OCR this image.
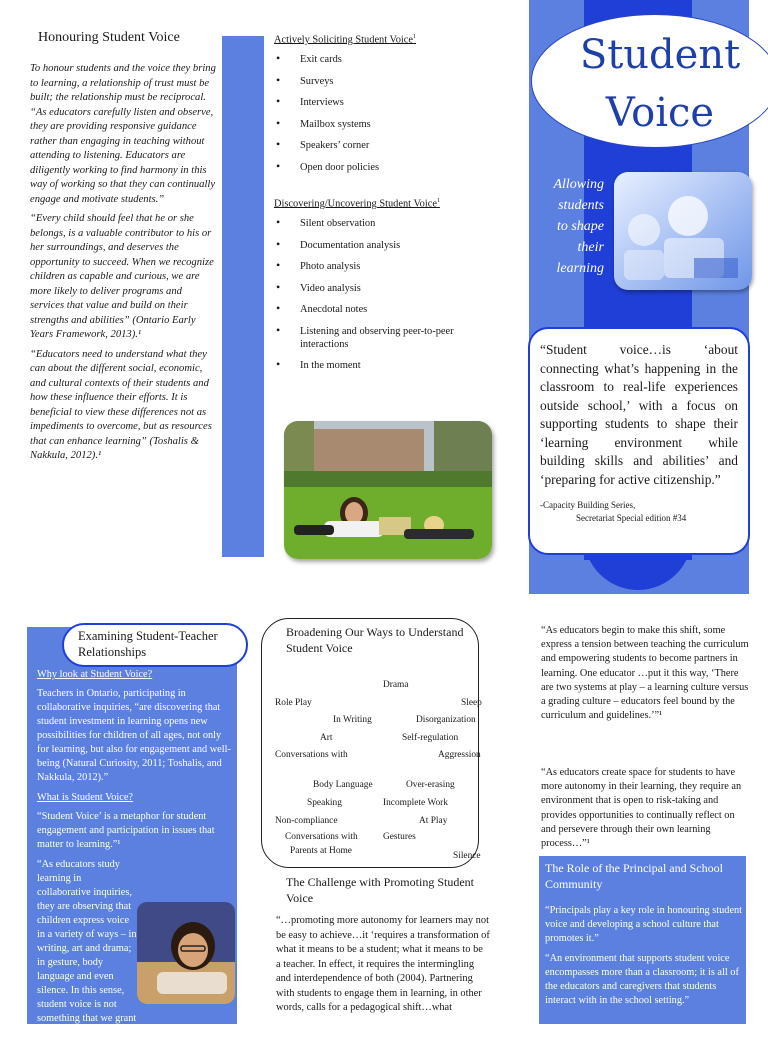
Honouring Student Voice

To honour students and the voice they bring to learning, a relationship of trust must be built; the relationship must be reciprocal. “As educators carefully listen and observe, they are providing responsive guidance rather than engaging in teaching without attending to listening. Educators are diligently working to find harmony in this way of working so that they can continually engage and motivate students.”

“Every child should feel that he or she belongs, is a valuable contributor to his or her surroundings, and deserves the opportunity to succeed. When we recognize children as capable and curious, we are more likely to deliver programs and services that value and build on their strengths and abilities” (Ontario Early Years Framework, 2013).¹

“Educators need to understand what they can about the different social, economic, and cultural contexts of their students and how these influence their efforts. It is beneficial to view these differences not as impediments to overcome, but as resources that can enhance learning” (Toshalis & Nakkula, 2012).¹

Actively Soliciting Student Voice$^1$
• Exit cards
• Surveys
• Interviews
• Mailbox systems
• Speakers’ corner
• Open door policies
Discovering/Uncovering Student Voice$^1$
• Silent observation
• Documentation analysis
• Photo analysis
• Video analysis
• Anecdotal notes
• Listening and observing peer-to-peer interactions
• In the moment
Student
Voice
Allowing
students
to shape
their
learning
“Student voice…is ‘about connecting what’s happening in the classroom to real-life experiences outside school,’ with a focus on supporting students to shape their ‘learning environment while building skills and abilities’ and ‘preparing for active citizenship.”
-Capacity Building Series,
Secretariat Special edition #34
Examining Student-Teacher Relationships
Why look at Student Voice?

Teachers in Ontario, participating in collaborative inquiries, “are discovering that student investment in learning opens new possibilities for children of all ages, not only for learning, but also for engagement and well-being (Natural Curiosity, 2011; Toshalis, and Nakkula, 2012).”

What is Student Voice?

“Student Voice’ is a metaphor for student engagement and participation in issues that matter to learning.”¹

“As educators study learning in collaborative inquiries, they are observing that children express voice in a variety of ways – in writing, art and drama; in gesture, body language and even silence. In this sense, student voice is not something that we grant to students, but ra-

Broadening Our Ways to Understand Student Voice
Drama
Role Play	Sleep
In Writing	Disorganization
Art	Self-regulation
Conversations with	Aggression
Body Language	Over-erasing
Speaking	Incomplete Work
Non-compliance	At Play
Conversations with	Gestures
Parents at Home	Silence
The Challenge with Promoting Student Voice
“…promoting more autonomy for learners may not be easy to achieve…it ‘requires a transformation of what it means to be a student; what it means to be a teacher. In effect, it requires the intermingling and interdependence of both (2004). Partnering with students to engage them in learning, in other words, calls for a pedagogical shift…what
“As educators begin to make this shift, some express a tension between teaching the curriculum and empowering students to become partners in learning. One educator …put it this way, ‘There are two systems at play – a learning culture versus a grading culture – educators feel bound by the curriculum and guidelines.’”¹
“As educators create space for students to have more autonomy in their learning, they require an environment that is open to risk-taking and provides opportunities to continually reflect on and persevere through their own learning process…”¹
The Role of the Principal and School Community

“Principals play a key role in honouring student voice and developing a school culture that promotes it.”

“An environment that supports student voice encompasses more than a classroom; it is all of the educators and caregivers that students interact with in the school setting.”
